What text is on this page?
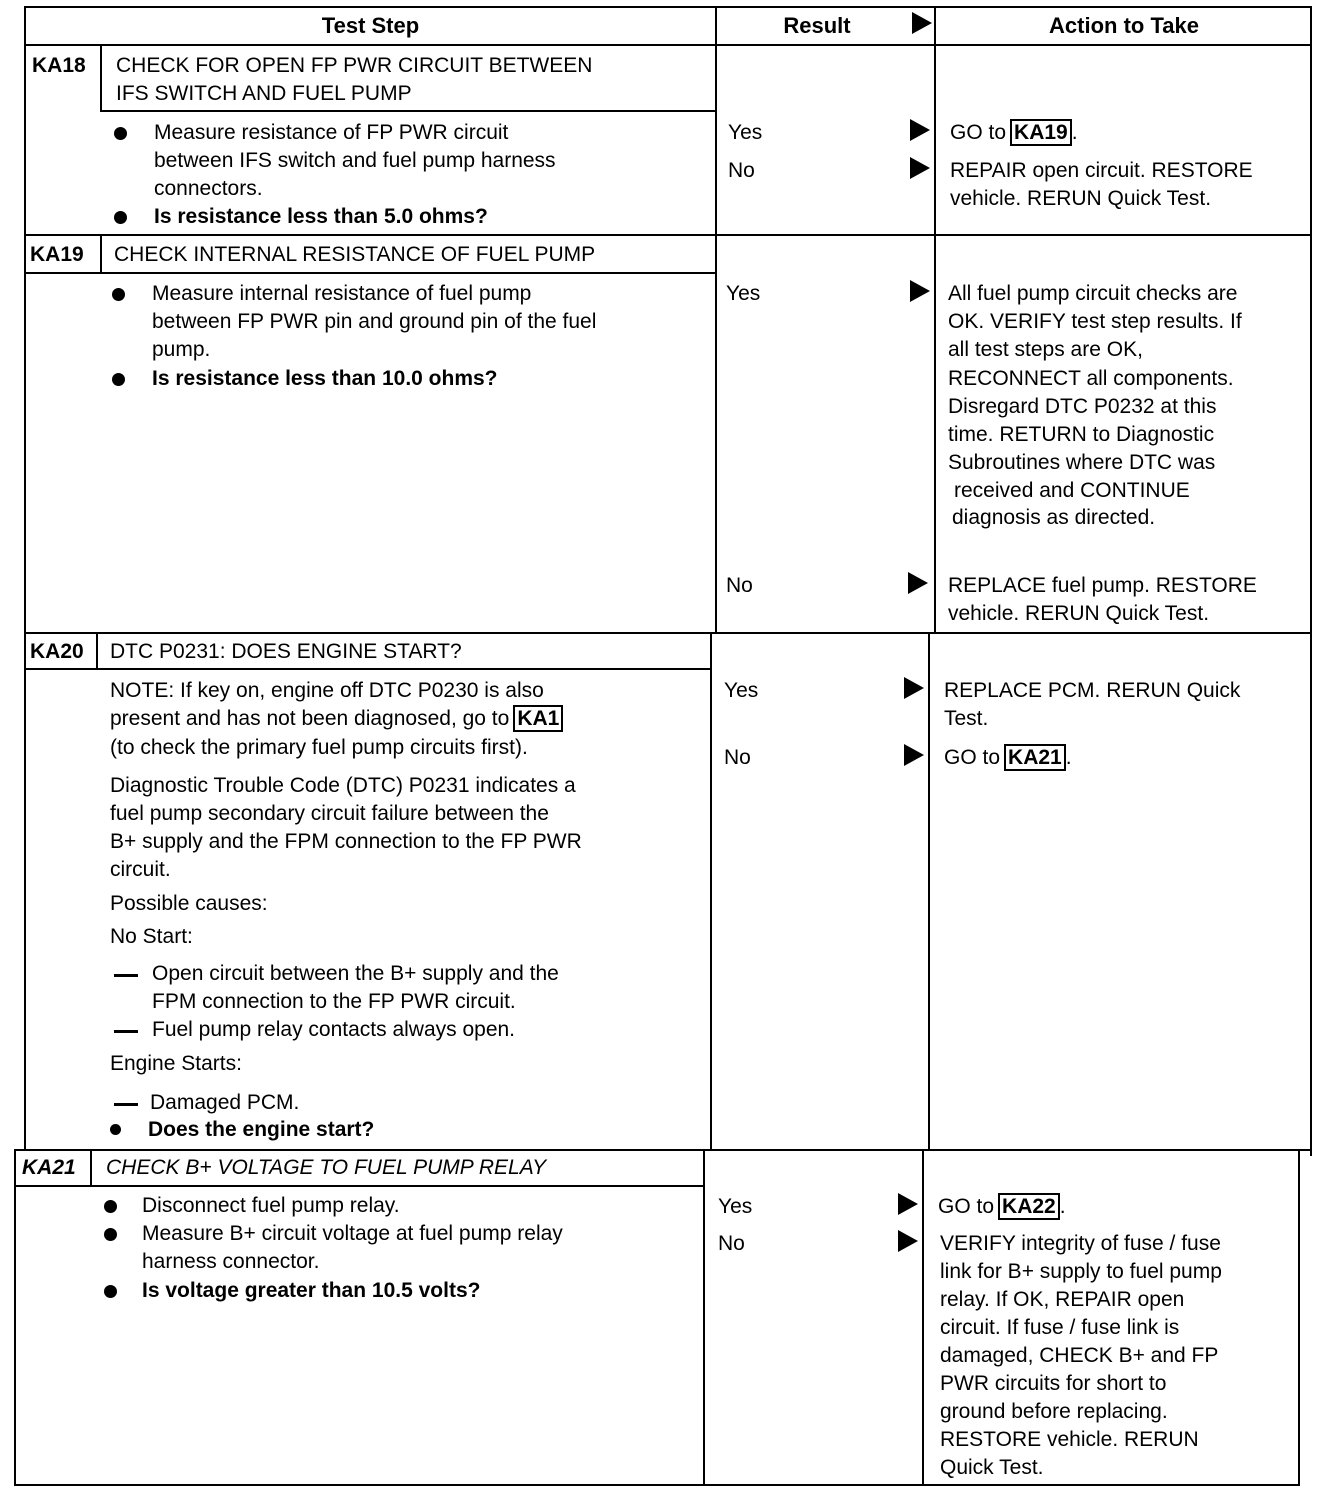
Test Step	Result	Action to Take
KA18 CHECK FOR OPEN FP PWR CIRCUIT BETWEEN
IFS SWITCH AND FUEL PUMP
Measure resistance of FP PWR circuit
between IFS switch and fuel pump harness
connectors.
Is resistance less than 5.0 ohms?
Yes	GO to KA19 .
No	REPAIR open circuit. RESTORE
vehicle. RERUN Quick Test.
KA19 CHECK INTERNAL RESISTANCE OF FUEL PUMP
Measure internal resistance of fuel pump
between FP PWR pin and ground pin of the fuel
pump.
Is resistance less than 10.0 ohms?
Yes	All fuel pump circuit checks are
OK. VERIFY test step results. If
all test steps are OK,
RECONNECT all components.
Disregard DTC P0232 at this
time. RETURN to Diagnostic
Subroutines where DTC was
received and CONTINUE
diagnosis as directed.
No	REPLACE fuel pump. RESTORE
vehicle. RERUN Quick Test.
KA20 DTC P0231: DOES ENGINE START?
NOTE: If key on, engine off DTC P0230 is also
present and has not been diagnosed, go to KA1
(to check the primary fuel pump circuits first).
Diagnostic Trouble Code (DTC) P0231 indicates a
fuel pump secondary circuit failure between the
B+ supply and the FPM connection to the FP PWR
circuit.
Possible causes:
No Start:
Open circuit between the B+ supply and the
FPM connection to the FP PWR circuit.
Fuel pump relay contacts always open.
Engine Starts:
Damaged PCM.
Does the engine start?
Yes	REPLACE PCM. RERUN Quick
Test.
No	GO to KA21 .
KA21 CHECK B+ VOLTAGE TO FUEL PUMP RELAY
Disconnect fuel pump relay.
Measure B+ circuit voltage at fuel pump relay
harness connector.
Is voltage greater than 10.5 volts?
Yes	GO to KA22 .
No	VERIFY integrity of fuse / fuse
link for B+ supply to fuel pump
relay. If OK, REPAIR open
circuit. If fuse / fuse link is
damaged, CHECK B+ and FP
PWR circuits for short to
ground before replacing.
RESTORE vehicle. RERUN
Quick Test.
